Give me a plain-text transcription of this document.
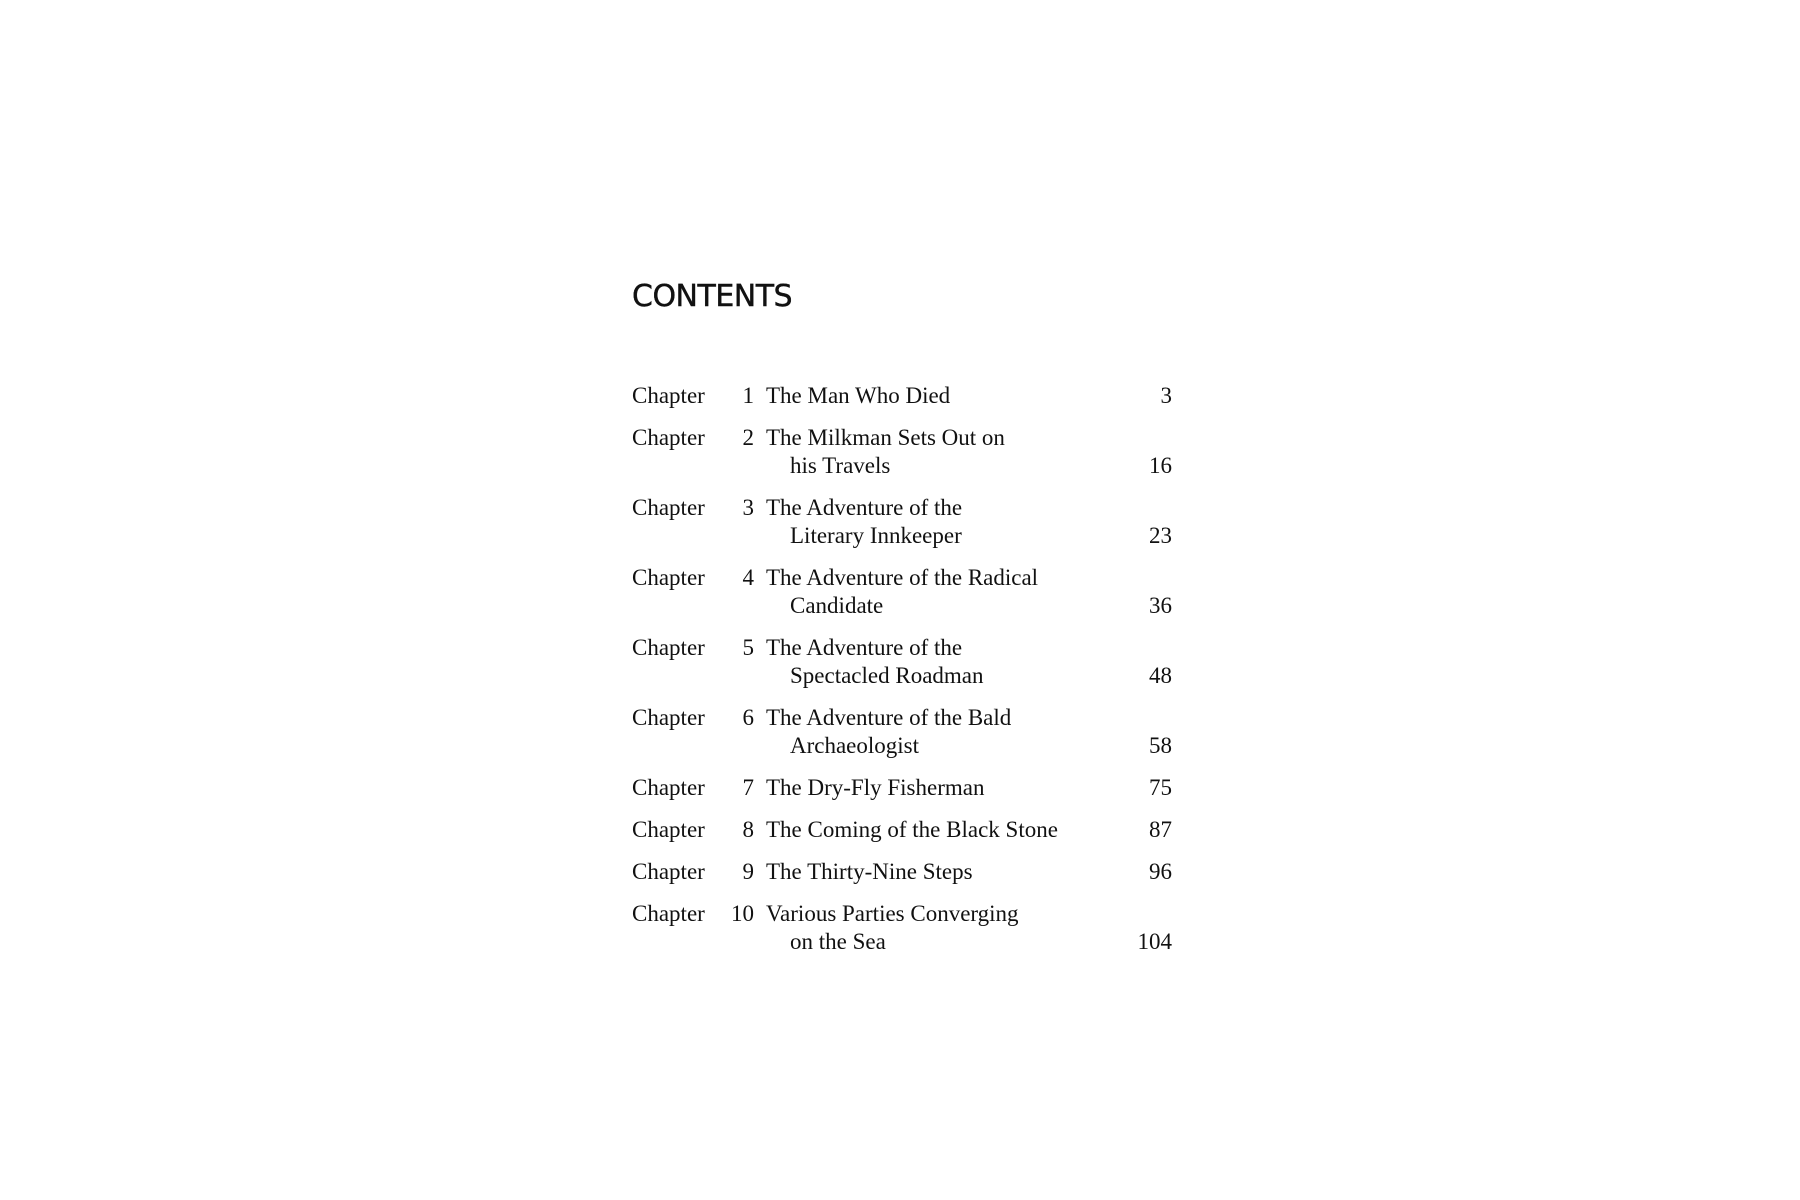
CONTENTS
Chapter	1 The Man Who Died	3
Chapter	2 The Milkman Sets Out on
his Travels	16
Chapter	3 The Adventure of the
Literary Innkeeper	23
Chapter	4 The Adventure of the Radical
Candidate	36
Chapter	5 The Adventure of the
Spectacled Roadman	48
Chapter	6 The Adventure of the Bald
Archaeologist	58
Chapter	7 The Dry-Fly Fisherman	75
Chapter	8 The Coming of the Black Stone	87
Chapter	9 The Thirty-Nine Steps	96
Chapter	10 Various Parties Converging
on the Sea	104
